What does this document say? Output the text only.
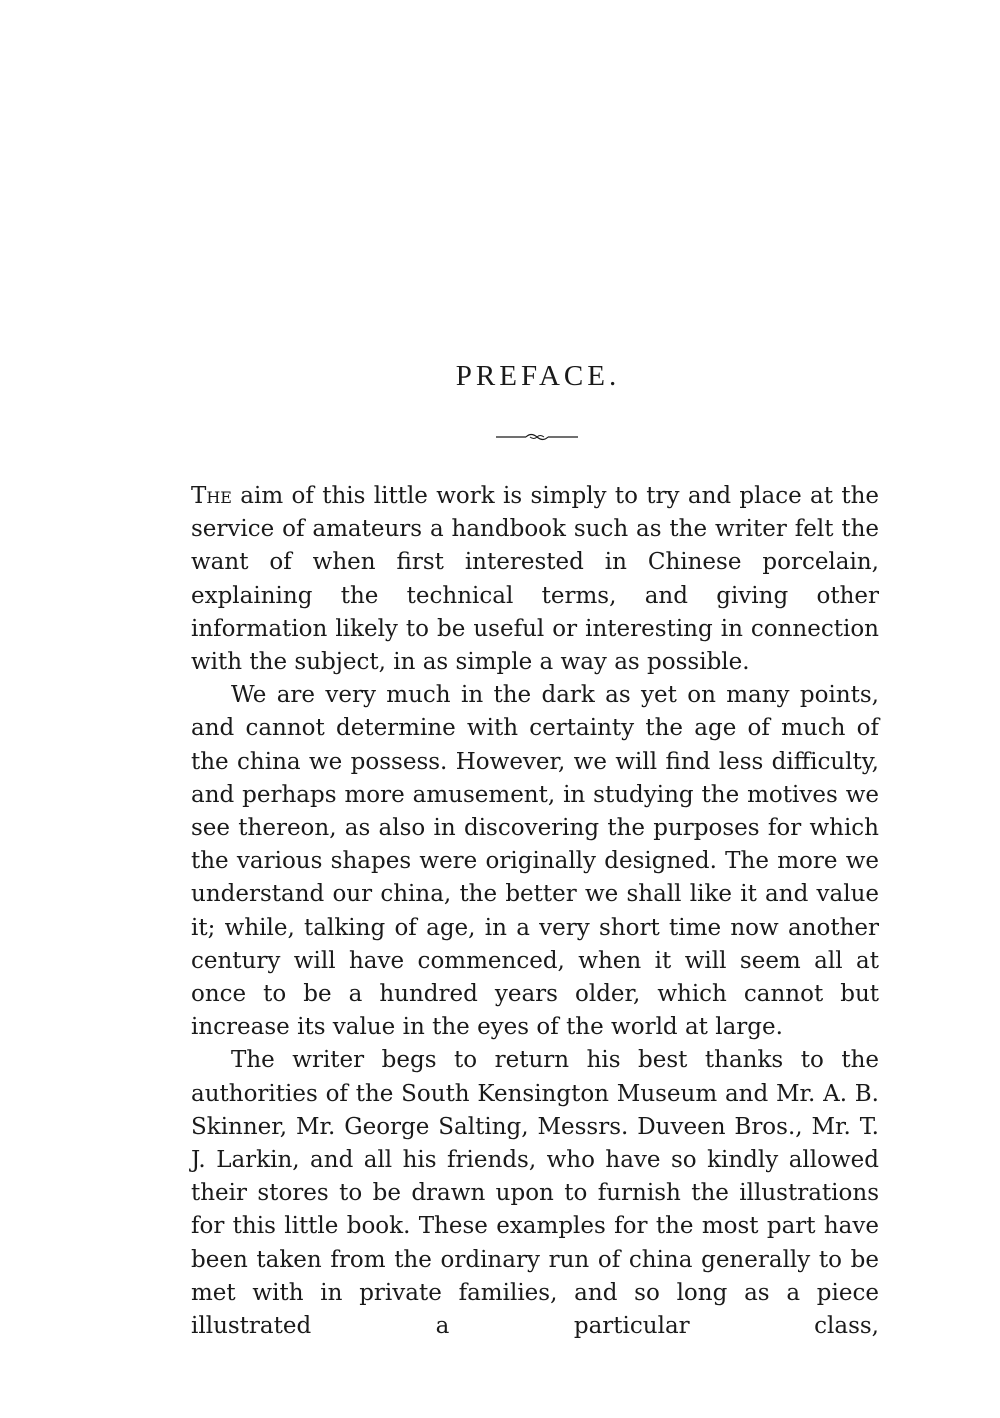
PREFACE.

The aim of this little work is simply to try and place at the service of amateurs a handbook such as the writer felt the want of when first interested in Chinese porcelain, explaining the technical terms, and giving other information likely to be useful or interesting in connection with the subject, in as simple a way as possible.

We are very much in the dark as yet on many points, and cannot determine with certainty the age of much of the china we possess. However, we will find less difficulty, and perhaps more amusement, in studying the motives we see thereon, as also in discovering the purposes for which the various shapes were originally designed. The more we understand our china, the better we shall like it and value it; while, talking of age, in a very short time now another century will have commenced, when it will seem all at once to be a hundred years older, which cannot but increase its value in the eyes of the world at large.

The writer begs to return his best thanks to the authorities of the South Kensington Museum and Mr. A. B. Skinner, Mr. George Salting, Messrs. Duveen Bros., Mr. T. J. Larkin, and all his friends, who have so kindly allowed their stores to be drawn upon to furnish the illustrations for this little book. These examples for the most part have been taken from the ordinary run of china generally to be met with in private families, and so long as a piece illustrated a particular class,
